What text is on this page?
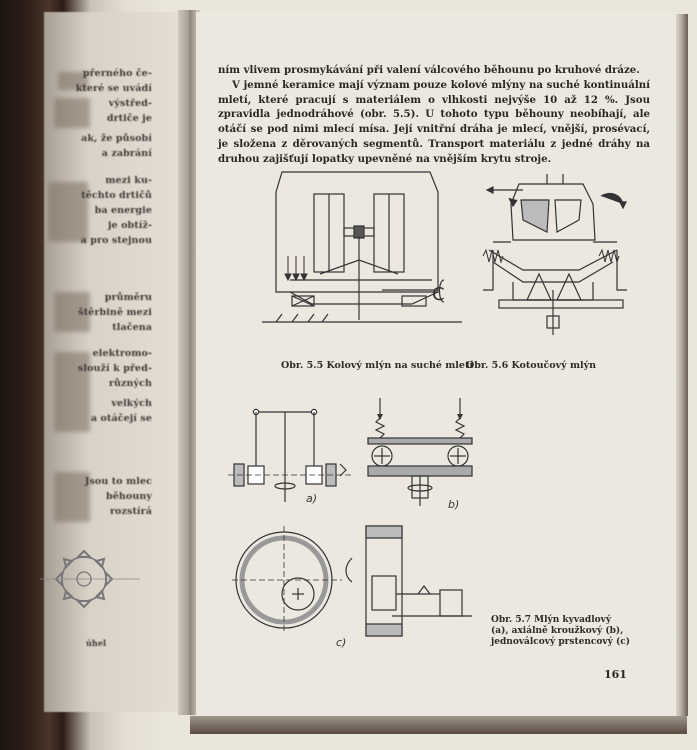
přerného če-
které se uvádí
výstřed-
drtiče je
ak, že působí
a zabrání
mezi ku-
těchto drtičů
ba energie
je obtíž-
a pro stejnou
průměru
štěrbině mezi
tlačena
elektromo-
slouží k před-
různých
velkých
a otáčejí se
Jsou to mlec
běhouny
rozstírá
úhel

ním vlivem prosmykávání při valení válcového běhounu po kruhové dráze.

V jemné keramice mají význam pouze kolové mlýny na suché kontinuální mletí, které pracují s materiálem o vlhkosti nejvýše 10 až 12 %. Jsou zpravidla jednodráhové (obr. 5.5). U tohoto typu běhouny neobíhají, ale otáčí se pod nimi mlecí mísa. Její vnitřní dráha je mlecí, vnější, prosévací, je složena z děrovaných segmentů. Transport materiálu z jedné dráhy na druhou zajišťují lopatky upevněné na vnějším krytu stroje.

C
Obr. 5.5 Kolový mlýn na suché mletí
Obr. 5.6 Kotoučový mlýn
a)	b)
c)
Obr. 5.7 Mlýn kyvadlový
(a), axiálně kroužkový (b),
jednoválcový prstencový (c)
161
